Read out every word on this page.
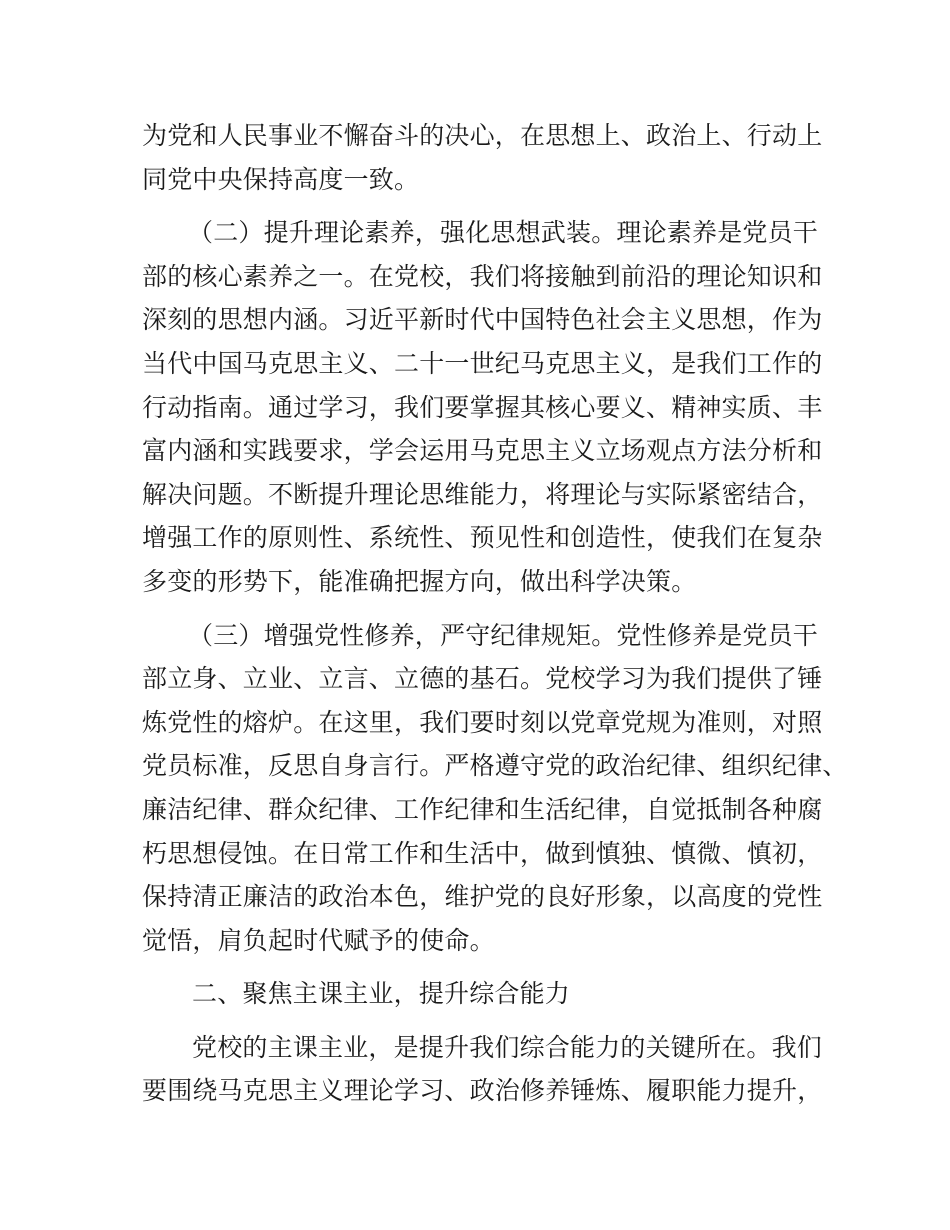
为党和人民事业不懈奋斗的决心，在思想上、政治上、行动上
同党中央保持高度一致。
（二）提升理论素养，强化思想武装。理论素养是党员干
部的核心素养之一。在党校，我们将接触到前沿的理论知识和
深刻的思想内涵。习近平新时代中国特色社会主义思想，作为
当代中国马克思主义、二十一世纪马克思主义，是我们工作的
行动指南。通过学习，我们要掌握其核心要义、精神实质、丰
富内涵和实践要求，学会运用马克思主义立场观点方法分析和
解决问题。不断提升理论思维能力，将理论与实际紧密结合，
增强工作的原则性、系统性、预见性和创造性，使我们在复杂
多变的形势下，能准确把握方向，做出科学决策。
（三）增强党性修养，严守纪律规矩。党性修养是党员干
部立身、立业、立言、立德的基石。党校学习为我们提供了锤
炼党性的熔炉。在这里，我们要时刻以党章党规为准则，对照
党员标准，反思自身言行。严格遵守党的政治纪律、组织纪律、
廉洁纪律、群众纪律、工作纪律和生活纪律，自觉抵制各种腐
朽思想侵蚀。在日常工作和生活中，做到慎独、慎微、慎初，
保持清正廉洁的政治本色，维护党的良好形象，以高度的党性
觉悟，肩负起时代赋予的使命。
二、聚焦主课主业，提升综合能力
党校的主课主业，是提升我们综合能力的关键所在。我们
要围绕马克思主义理论学习、政治修养锤炼、履职能力提升，
